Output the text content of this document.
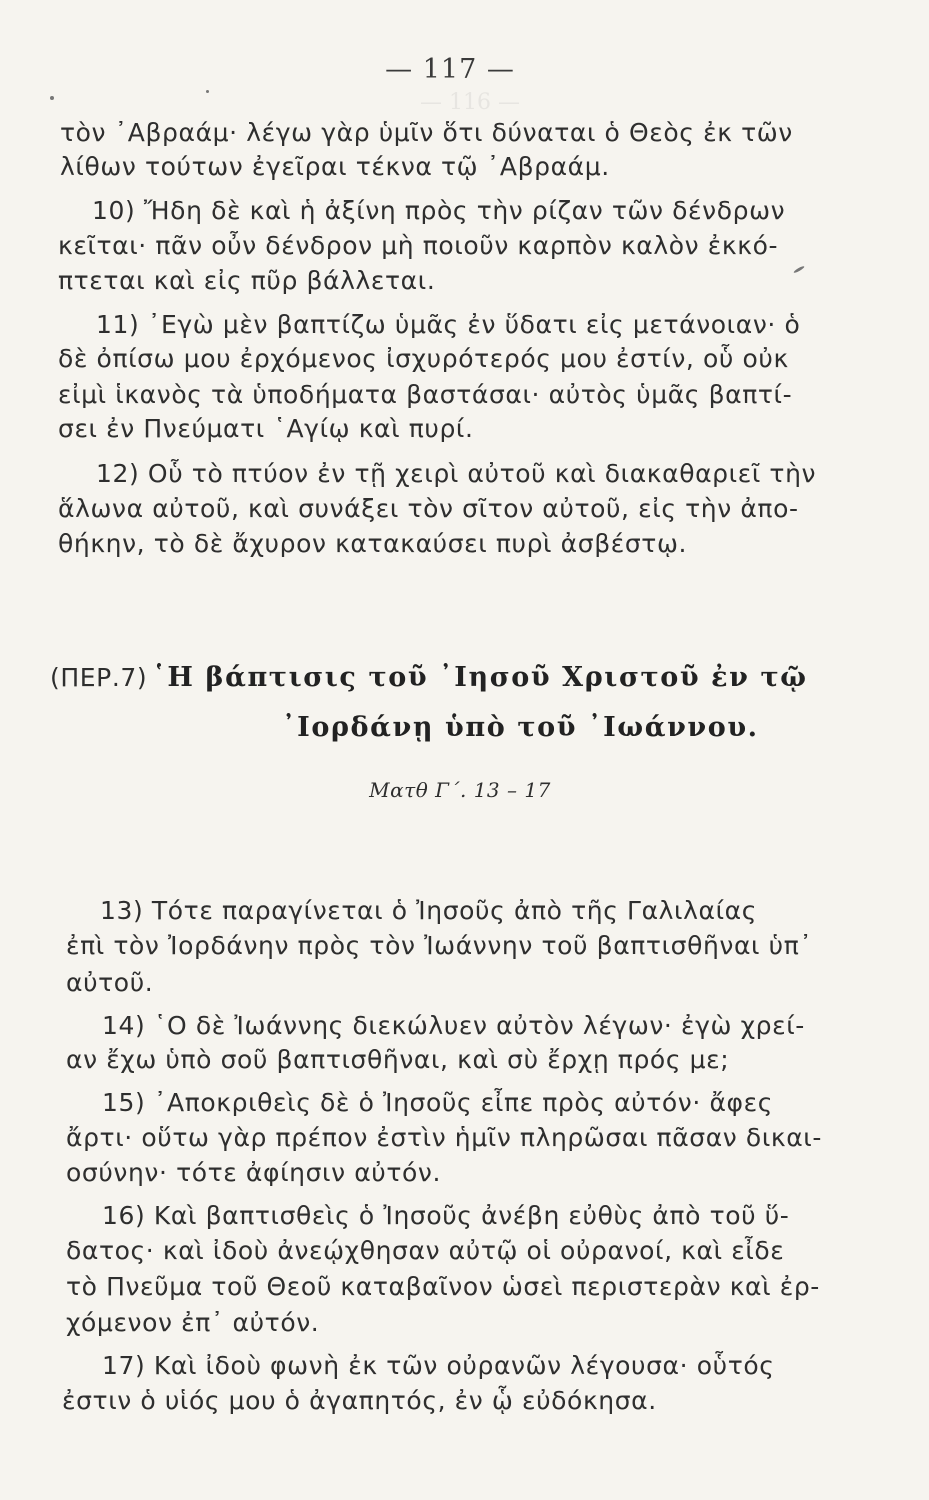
— 117 —
— 116 —
τὸν ᾿Αβραάμ· λέγω γὰρ ὑμῖν ὅτι δύναται ὁ Θεὸς ἐκ τῶν
λίθων τούτων ἐγεῖραι τέκνα τῷ ᾿Αβραάμ.
10) Ἤδη δὲ καὶ ἡ ἀξίνη πρὸς τὴν ρίζαν τῶν δένδρων
κεῖται· πᾶν οὖν δένδρον μὴ ποιοῦν καρπὸν καλὸν ἐκκό-
πτεται καὶ εἰς πῦρ βάλλεται.
11) ᾿Εγὼ μὲν βαπτίζω ὑμᾶς ἐν ὕδατι εἰς μετάνοιαν· ὁ
δὲ ὀπίσω μου ἐρχόμενος ἰσχυρότερός μου ἐστίν, οὗ οὐκ
εἰμὶ ἱκανὸς τὰ ὑποδήματα βαστάσαι· αὐτὸς ὑμᾶς βαπτί-
σει ἐν Πνεύματι ῾Αγίῳ καὶ πυρί.
12) Οὗ τὸ πτύον ἐν τῇ χειρὶ αὐτοῦ καὶ διακαθαριεῖ τὴν
ἅλωνα αὐτοῦ, καὶ συνάξει τὸν σῖτον αὐτοῦ, εἰς τὴν ἀπο-
θήκην, τὸ δὲ ἄχυρον κατακαύσει πυρὶ ἀσβέστῳ.
(ΠΕΡ.7) ῾Η βάπτισις τοῦ ᾿Ιησοῦ Χριστοῦ ἐν τῷ
᾿Ιορδάνῃ ὑπὸ τοῦ ᾿Ιωάννου.
Ματθ Γ΄. 13 – 17
13) Τότε παραγίνεται ὁ Ἰησοῦς ἀπὸ τῆς Γαλιλαίας
ἐπὶ τὸν Ἰορδάνην πρὸς τὸν Ἰωάννην τοῦ βαπτισθῆναι ὑπ᾿
αὐτοῦ.
14) ῾Ο δὲ Ἰωάννης διεκώλυεν αὐτὸν λέγων· ἐγὼ χρεί-
αν ἔχω ὑπὸ σοῦ βαπτισθῆναι, καὶ σὺ ἔρχῃ πρός με;
15) ᾿Αποκριθεὶς δὲ ὁ Ἰησοῦς εἶπε πρὸς αὐτόν· ἄφες
ἄρτι· οὕτω γὰρ πρέπον ἐστὶν ἡμῖν πληρῶσαι πᾶσαν δικαι-
οσύνην· τότε ἀφίησιν αὐτόν.
16) Καὶ βαπτισθεὶς ὁ Ἰησοῦς ἀνέβη εὐθὺς ἀπὸ τοῦ ὕ-
δατος· καὶ ἰδοὺ ἀνεῴχθησαν αὐτῷ οἱ οὐρανοί, καὶ εἶδε
τὸ Πνεῦμα τοῦ Θεοῦ καταβαῖνον ὡσεὶ περιστερὰν καὶ ἐρ-
χόμενον ἐπ᾿ αὐτόν.
17) Καὶ ἰδοὺ φωνὴ ἐκ τῶν οὐρανῶν λέγουσα· οὗτός
ἐστιν ὁ υἱός μου ὁ ἀγαπητός, ἐν ᾧ εὐδόκησα.
